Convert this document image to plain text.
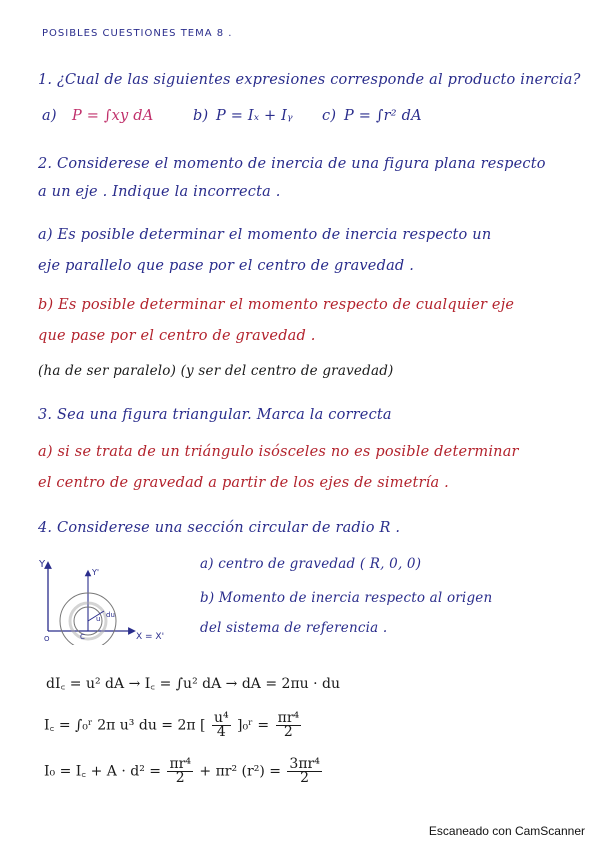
POSIBLES CUESTIONES TEMA 8 .
1. ¿Cual de las siguientes expresiones corresponde al producto inercia?
a) P = ∫xy dA	b) P = Iₓ + Iᵧ c) P = ∫r² dA
2. Considerese el momento de inercia de una figura plana respecto
a un eje . Indique la incorrecta .
a) Es posible determinar el momento de inercia respecto un
eje parallelo que pase por el centro de gravedad .
b) Es posible determinar el momento respecto de cualquier eje
que pase por el centro de gravedad .
(ha de ser paralelo) (y ser del centro de gravedad)
3. Sea una figura triangular. Marca la correcta
a) si se trata de un triángulo isósceles no es posible determinar
el centro de gravedad a partir de los ejes de simetría .
4. Considerese una sección circular de radio R .
Y
Y'
O
du
u
C	X = X'
a) centro de gravedad ( R, 0, 0)
b) Momento de inercia respecto al origen
del sistema de referencia .
dI꜀ = u² dA → I꜀ = ∫u² dA → dA = 2πu · du
I꜀ = ∫₀ʳ 2π u³ du = 2π [ $\frac{\text{u⁴}}{4}$ ]₀ʳ = $\frac{\text{πr⁴}}{2}$
I₀ = I꜀ + $A \cdot d^2 = \frac{\text{πr⁴}}{2} + \pi r^2$ $(r^2) = \frac{\text{3πr⁴}}{2}$
Escaneado con CamScanner
